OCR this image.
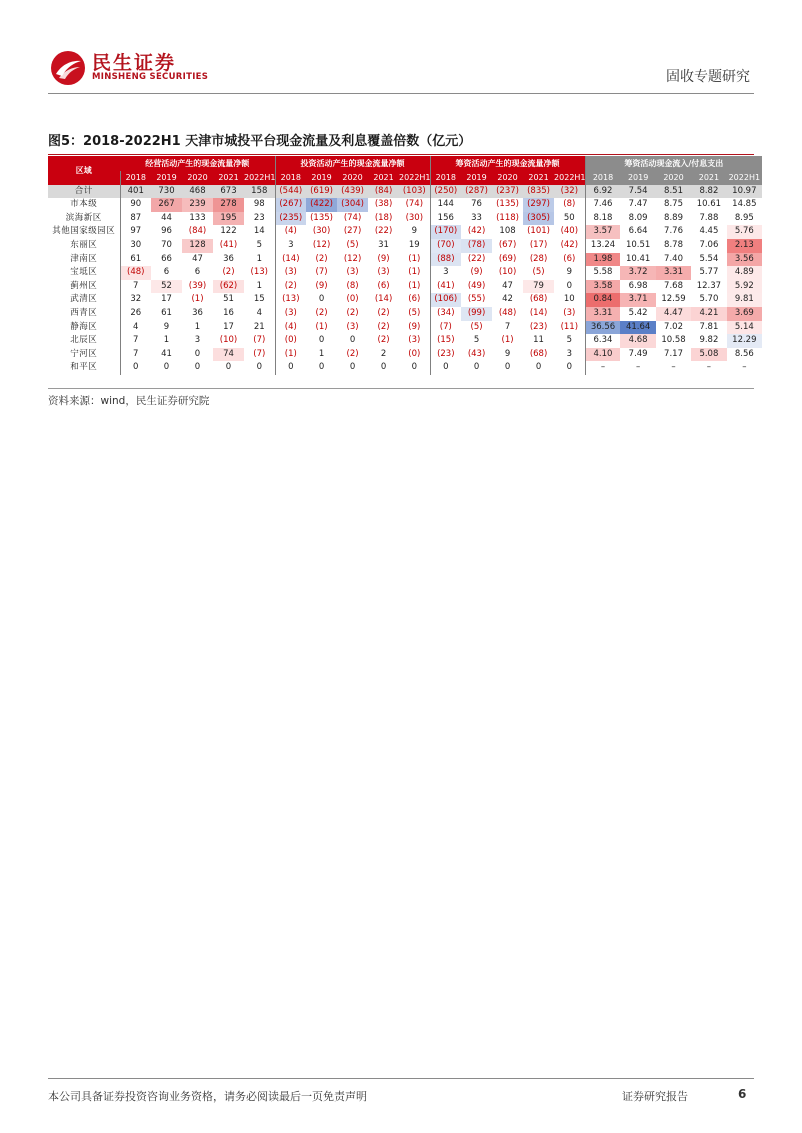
民生证券
MINSHENG SECURITIES	固收专题研究
图5：2018-2022H1 天津市城投平台现金流量及利息覆盖倍数（亿元）
区域	经营活动产生的现金流量净额					投资活动产生的现金流量净额					筹资活动产生的现金流量净额					筹资活动现金流入/付息支出				
	2018	2019	2020	2021	2022H1	2018	2019	2020	2021	2022H1	2018	2019	2020	2021	2022H1	2018	2019	2020	2021	2022H1
合计	401	730	468	673	158	(544)	(619)	(439)	(84)	(103)	(250)	(287)	(237)	(835)	(32)	6.92	7.54	8.51	8.82	10.97
市本级	90	267	239	278	98	(267)	(422)	(304)	(38)	(74)	144	76	(135)	(297)	(8)	7.46	7.47	8.75	10.61	14.85
滨海新区	87	44	133	195	23	(235)	(135)	(74)	(18)	(30)	156	33	(118)	(305)	50	8.18	8.09	8.89	7.88	8.95
其他国家级园区	97	96	(84)	122	14	(4)	(30)	(27)	(22)	9	(170)	(42)	108	(101)	(40)	3.57	6.64	7.76	4.45	5.76
东丽区	30	70	128	(41)	5	3	(12)	(5)	31	19	(70)	(78)	(67)	(17)	(42)	13.24	10.51	8.78	7.06	2.13
津南区	61	66	47	36	1	(14)	(2)	(12)	(9)	(1)	(88)	(22)	(69)	(28)	(6)	1.98	10.41	7.40	5.54	3.56
宝坻区	(48)	6	6	(2)	(13)	(3)	(7)	(3)	(3)	(1)	3	(9)	(10)	(5)	9	5.58	3.72	3.31	5.77	4.89
蓟州区	7	52	(39)	(62)	1	(2)	(9)	(8)	(6)	(1)	(41)	(49)	47	79	0	3.58	6.98	7.68	12.37	5.92
武清区	32	17	(1)	51	15	(13)	0	(0)	(14)	(6)	(106)	(55)	42	(68)	10	0.84	3.71	12.59	5.70	9.81
西青区	26	61	36	16	4	(3)	(2)	(2)	(2)	(5)	(34)	(99)	(48)	(14)	(3)	3.31	5.42	4.47	4.21	3.69
静海区	4	9	1	17	21	(4)	(1)	(3)	(2)	(9)	(7)	(5)	7	(23)	(11)	36.56	41.64	7.02	7.81	5.14
北辰区	7	1	3	(10)	(7)	(0)	0	0	(2)	(3)	(15)	5	(1)	11	5	6.34	4.68	10.58	9.82	12.29
宁河区	7	41	0	74	(7)	(1)	1	(2)	2	(0)	(23)	(43)	9	(68)	3	4.10	7.49	7.17	5.08	8.56
和平区	0	0	0	0	0	0	0	0	0	0	0	0	0	0	0	–	–	–	–	–
资料来源：wind，民生证券研究院
本公司具备证券投资咨询业务资格，请务必阅读最后一页免责声明	证券研究报告	6
